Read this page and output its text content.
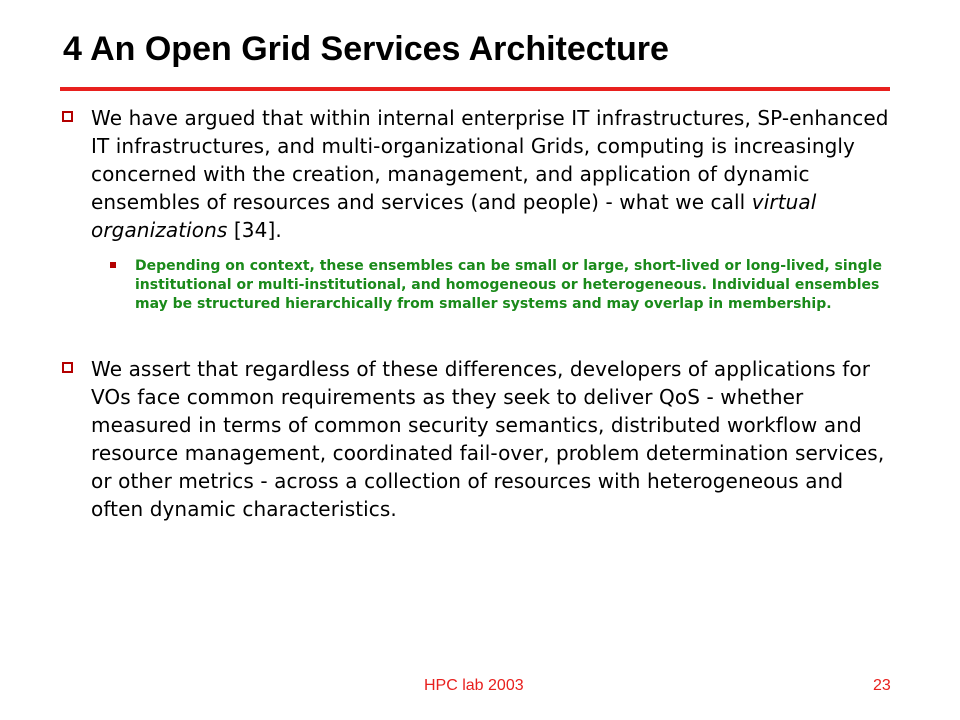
4 An Open Grid Services Architecture
We have argued that within internal enterprise IT infrastructures, SP-enhanced IT infrastructures, and multi-organizational Grids, computing is increasingly concerned with the creation, management, and application of dynamic ensembles of resources and services (and people) - what we call virtual organizations [34].
Depending on context, these ensembles can be small or large, short-lived or long-lived, single institutional or multi-institutional, and homogeneous or heterogeneous. Individual ensembles may be structured hierarchically from smaller systems and may overlap in membership.
We assert that regardless of these differences, developers of applications for VOs face common requirements as they seek to deliver QoS - whether measured in terms of common security semantics, distributed workflow and resource management, coordinated fail-over, problem determination services, or other metrics - across a collection of resources with heterogeneous and often dynamic characteristics.
HPC lab 2003	23
